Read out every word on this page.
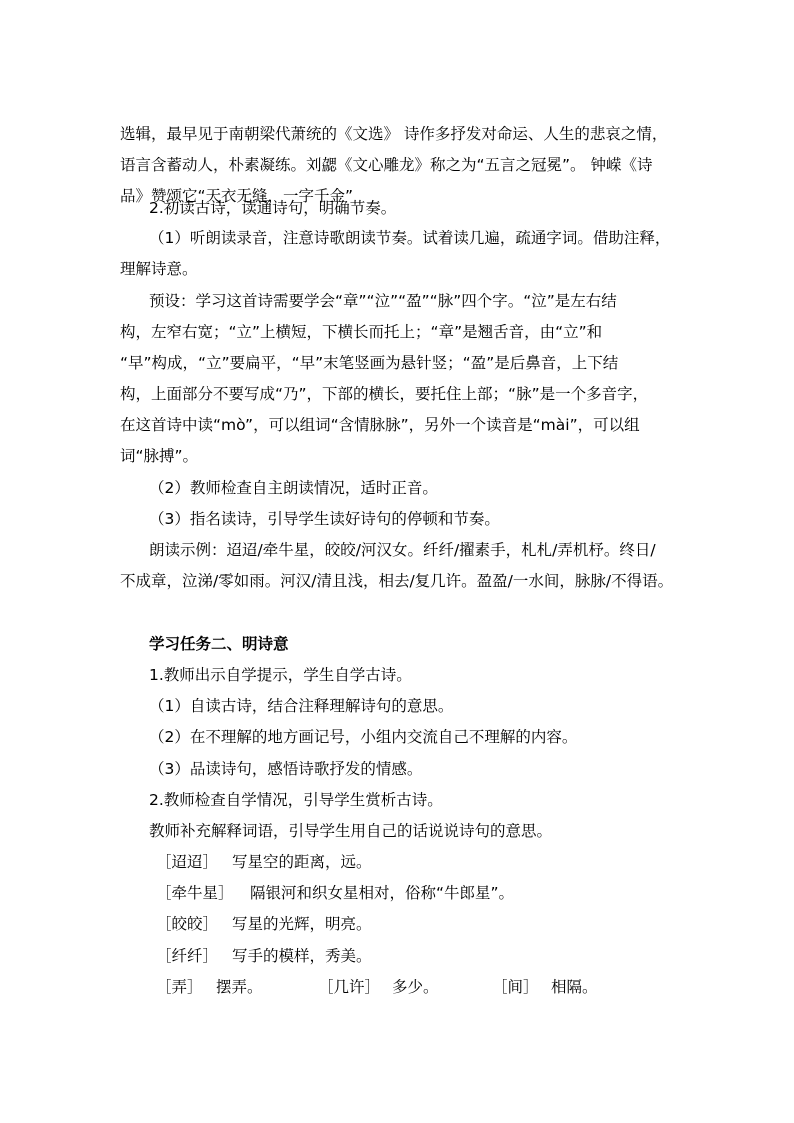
选辑，最早见于南朝梁代萧统的《文选》 诗作多抒发对命运、人生的悲哀之情，
语言含蓄动人，朴素凝练。刘勰《文心雕龙》称之为“五言之冠冕”。 钟嵘《诗
品》赞颂它“天衣无缝，一字千金”
2.初读古诗，读通诗句，明确节奏。
（1）听朗读录音，注意诗歌朗读节奏。试着读几遍，疏通字词。借助注释，
理解诗意。
预设：学习这首诗需要学会“章”“泣”“盈”“脉”四个字。“泣”是左右结
构，左窄右宽；“立”上横短，下横长而托上；“章”是翘舌音，由“立”和
“早”构成，“立”要扁平，“早”末笔竖画为悬针竖；“盈”是后鼻音，上下结
构，上面部分不要写成“乃”，下部的横长，要托住上部；“脉”是一个多音字，
在这首诗中读“mò”，可以组词“含情脉脉”，另外一个读音是“mài”，可以组
词“脉搏”。
（2）教师检查自主朗读情况，适时正音。
（3）指名读诗，引导学生读好诗句的停顿和节奏。
朗读示例：迢迢/牵牛星，皎皎/河汉女。纤纤/擢素手，札札/弄机杼。终日/
不成章，泣涕/零如雨。河汉/清且浅，相去/复几许。盈盈/一水间，脉脉/不得语。
学习任务二、明诗意
1.教师出示自学提示，学生自学古诗。
（1）自读古诗，结合注释理解诗句的意思。
（2）在不理解的地方画记号，小组内交流自己不理解的内容。
（3）品读诗句，感悟诗歌抒发的情感。
2.教师检查自学情况，引导学生赏析古诗。
教师补充解释词语，引导学生用自己的话说说诗句的意思。
［迢迢］ 写星空的距离，远。
［牵牛星］ 隔银河和织女星相对，俗称“牛郎星”。
［皎皎］ 写星的光辉，明亮。
［纤纤］ 写手的模样，秀美。
［弄］ 摆弄。	［几许］ 多少。	［间］ 相隔。
